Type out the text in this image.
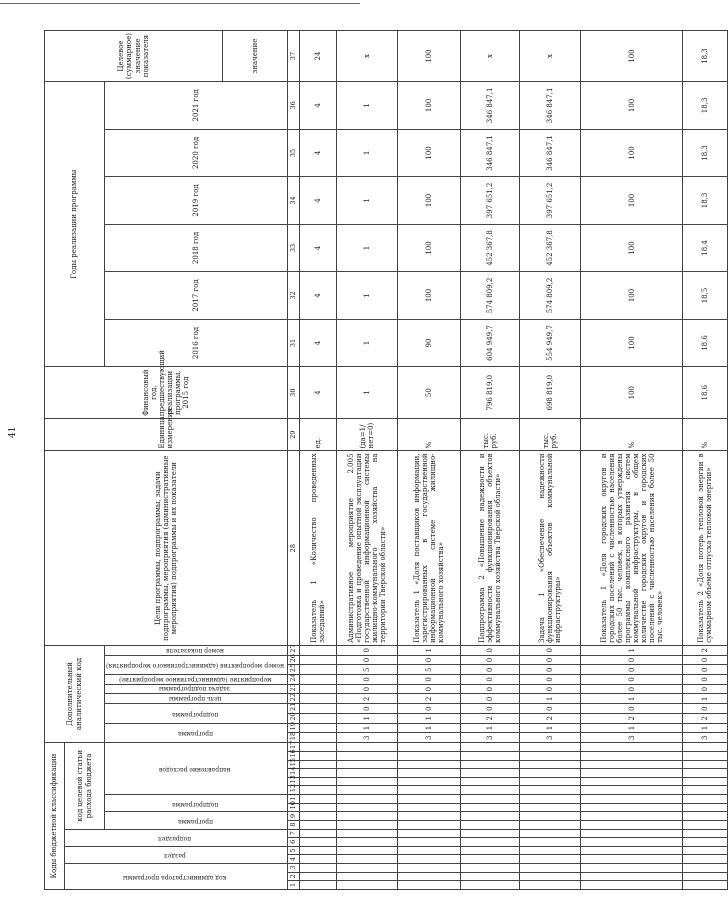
41
Коды бюджетной классификации																	Дополнительный аналитический код										Цели программы, подпрограммы, задачи подпрограммы, мероприятия (административные мероприятия) подпрограммы и их показатели	Единица измерения	Финансовый год, предшествующий реализации программы, 2015 год	Годы реализации программы						Целевое (суммарное) значение показателя
код администратора программы			раздел		подраздел		код целевой статьи расхода бюджета																													
							программа		подпрограмма		направление расходов						программа		подпрограмма		цель программы	задача подпрограммы	мероприятие (административное мероприятие)	номер мероприятия (административного мероприятия)		номер показателя				2016 год	2017 год	2018 год	2019 год	2020 год	2021 год	
																																				значение
1	2	3	4	5	6	7	8	9	10	11	12	13	14	15	16	17	18	19	20	21	22	23	24	25	26	27	28	29	30	31	32	33	34	35	36	37
																											Показатель 1 «Количество проведенных заседаний»	ед.	4	4	4	4	4	4	4	24
																	3	1	1	0	2	0	0	5	0	0	Административное мероприятие 2.005 «Подготовка и проведение опытной эксплуатации государственной информационной системы жилищно-коммунального хозяйства на территории Тверской области»	(да=1/нет=0)	1	1	1	1	1	1	1	x
																	3	1	1	0	2	0	0	5	0	1	Показатель 1 «Доля поставщиков информации, зарегистрированных в государственной информационной системе жилищно-коммунального хозяйства»	%	50	90	100	100	100	100	100	100
																	3	1	2	0	0	0	0	0	0	0	Подпрограмма 2 «Повышение надежности и эффективности функционирования объектов коммунального хозяйства Тверской области»	тыс. руб.	796 819,0	604 949,7	574 809,2	452 367,8	397 651,2	346 847,1	346 847,1	x
																	3	1	2	0	1	0	0	0	0	0	Задача 1 «Обеспечение надежности функционирования объектов коммунальной инфраструктуры»	тыс. руб.	698 819,0	554 949,7	574 809,2	452 367,8	397 651,2	346 847,1	346 847,1	x
																	3	1	2	0	1	0	0	0	0	1	Показатель 1 «Доля городских округов и городских поселений с численностью населения более 50 тыс. человек, в которых утверждены программы комплексного развития систем коммунальной инфраструктуры, в общем количестве городских округов и городских поселений с численностью населения более 50 тыс. человек»	%	100	100	100	100	100	100	100	100
																	3	1	2	0	1	0	0	0	0	2	Показатель 2 «Доля потерь тепловой энергии в суммарном объеме отпуска тепловой энергии»	%	18,6	18,6	18,5	18,4	18,3	18,3	18,3	18,3
